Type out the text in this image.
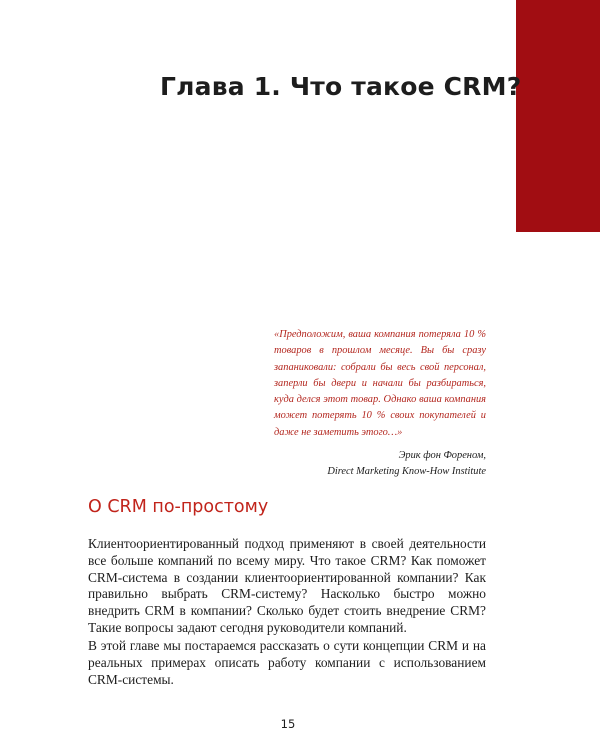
Глава 1. Что такое CRM?

«Предположим, ваша компания потеряла 10 % товаров в прошлом месяце. Вы бы сразу запаниковали: собрали бы весь свой персонал, заперли бы двери и начали бы разбираться, куда делся этот товар. Однако ваша компания может потерять 10 % своих покупателей и даже не заметить этого…»

Эрик фон Фореном,

Direct Marketing Know-How Institute

О CRM по-простому

Клиентоориентированный подход применяют в своей деятельности все больше компаний по всему миру. Что такое CRM? Как поможет CRM-система в создании клиентоориентированной компании? Как правильно выбрать CRM-систему? Насколько быстро можно внедрить CRM в компании? Сколько будет стоить внедрение CRM? Такие вопросы задают сегодня руководители компаний.

В этой главе мы постараемся рассказать о сути концепции CRM и на реальных примерах описать работу компании с использованием CRM-системы.

15
